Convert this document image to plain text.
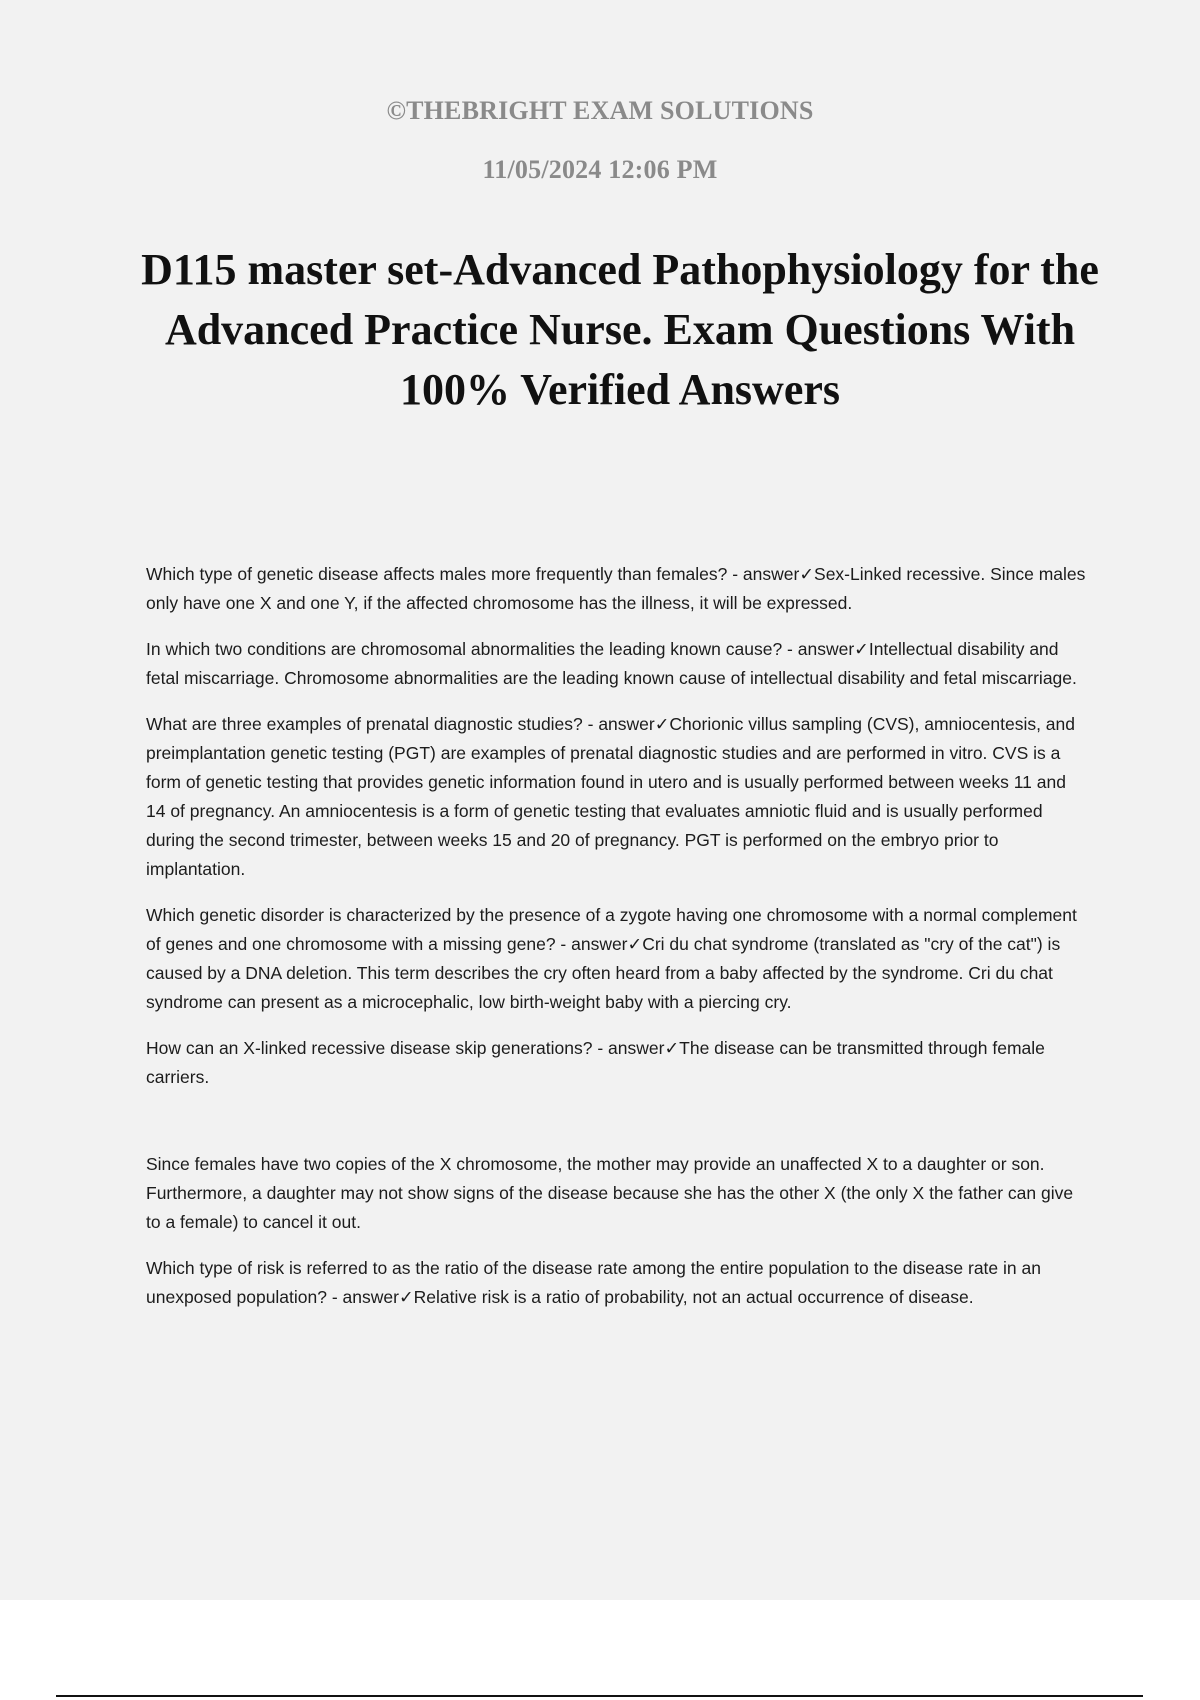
©THEBRIGHT EXAM SOLUTIONS
11/05/2024 12:06 PM
D115 master set-Advanced Pathophysiology for the Advanced Practice Nurse. Exam Questions With 100% Verified Answers

Which type of genetic disease affects males more frequently than females? - answer✓Sex-Linked recessive. Since males only have one X and one Y, if the affected chromosome has the illness, it will be expressed.

In which two conditions are chromosomal abnormalities the leading known cause? - answer✓Intellectual disability and fetal miscarriage. Chromosome abnormalities are the leading known cause of intellectual disability and fetal miscarriage.

What are three examples of prenatal diagnostic studies? - answer✓Chorionic villus sampling (CVS), amniocentesis, and preimplantation genetic testing (PGT) are examples of prenatal diagnostic studies and are performed in vitro. CVS is a form of genetic testing that provides genetic information found in utero and is usually performed between weeks 11 and 14 of pregnancy. An amniocentesis is a form of genetic testing that evaluates amniotic fluid and is usually performed during the second trimester, between weeks 15 and 20 of pregnancy. PGT is performed on the embryo prior to implantation.

Which genetic disorder is characterized by the presence of a zygote having one chromosome with a normal complement of genes and one chromosome with a missing gene? - answer✓Cri du chat syndrome (translated as "cry of the cat") is caused by a DNA deletion. This term describes the cry often heard from a baby affected by the syndrome. Cri du chat syndrome can present as a microcephalic, low birth-weight baby with a piercing cry.

How can an X-linked recessive disease skip generations? - answer✓The disease can be transmitted through female carriers.

Since females have two copies of the X chromosome, the mother may provide an unaffected X to a daughter or son. Furthermore, a daughter may not show signs of the disease because she has the other X (the only X the father can give to a female) to cancel it out.

Which type of risk is referred to as the ratio of the disease rate among the entire population to the disease rate in an unexposed population? - answer✓Relative risk is a ratio of probability, not an actual occurrence of disease.
